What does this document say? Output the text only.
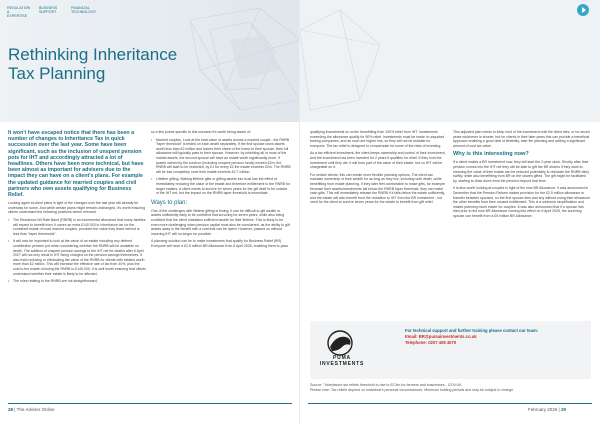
REGULATION & EXPERTISE
BUSINESS SUPPORT
FINANCIAL TECHNOLOGY
Rethinking Inheritance
Tax Planning

It won't have escaped notice that there has been a number of changes to Inheritance Tax in quick succession over the last year. Some have been significant, such as the inclusion of unspent pension pots for IHT and accordingly attracted a lot of headlines. Others have been more technical, but have been almost as important for advisers due to the impact they can have on a client's plans. For example the updated guidance for married couples and civil partners who own assets qualifying for Business Relief.

Looking again at client plans in light of the changes over the last year will already be underway for some. And while certain plans might remain unchanged, it's worth ensuring clients understand the following positions where relevant:

• The Residence Nil Rate Band (RNRB) is an incremental allowance that many families will expect to benefit from. It saves an extra £140,000 in Inheritance tax for the combined estate of most married couples, provided the value they leave behind is less than "taper thresholds".
• It will now be important to look at the value of an estate including any defined contribution pension pot when considering whether the RNRB will be available on death. The addition of unspent pension savings to the IHT net for deaths after 6 April 2027 will not only result in IHT being charged on the pension savings themselves. It also risks reducing or eliminating the value of the RNRB for clients with estates worth more than £2 million. This will increase the effective rate of tax from 40%, plus the cost to the estate of losing the RNRB to £140,000. It is well worth ensuring that clients understand whether their estate is likely to be affected.
• The rules relating to the RNRB are not straightforward,

so a few points specific to this scenario it's worth being aware of:

• Married couples. Look at the total value of assets across a married couple - the RNRB "taper threshold" is tested on each death separately. If the first spouse owns assets worth less than £2 million and leaves their share of the home to their spouse, their full allowance will typically pass to their spouse. However, by inheriting all or most of the marital assets, the second spouse will have an estate worth significantly more. If assets owned by the survivor (including unspent pension funds) exceed £2m, the RNRB will start to be restricted, by £1 for every £2 the estate exceeds £2m. The RNRB will be lost completely once their estate exceeds £2.7 million.
• Lifetime gifting. Making lifetime gifts or gifting assets into trust has the effect of immediately reducing the value of the estate and therefore entitlement to the RNRB for larger estates. A client needs to survive for seven years for the gift itself to be outside of the IHT net, but the impact on the RNRB taper threshold is immediate.
Ways to plan:

One of the challenges with lifetime gifting is timing. It can be difficult to gift wealth or assets sufficiently early to be confident that surviving for seven years, while also being confident that the client maintains sufficient wealth for their lifetime. This is likely to be even more challenging when pension capital must also be considered, as the ability to gift assets away is the benefit with a cost that can be spent. However, passed on without incurring IHT will no longer be possible.

A planning solution can be to make investments that qualify for Business Relief (BR). Everyone will have a £2.5 million BR Allowance from 6 April 2026, enabling them to pass

28 | The Adviser Online

qualifying investments on under benefitting from 100% relief from IHT. Investments exceeding the allowance qualify for 50% relief. Investments must be made in unquoted trading companies, and as such are higher risk, so they will not be suitable for everyone. The tax relief is designed to compensate for some of the risks of investing.

As a tax efficient investment, the client keeps ownership and control of their investment, and the investment has been invested for 2 years it qualifies for relief. If they hold the investment until they die, it will form part of the value of their estate, but no IHT will be chargeable on it.

For certain clients, this can create more flexible planning options. The client can maintain ownership of their wealth for as long as they live, including until death, while benefitting from estate planning. If they later feel comfortable to make gifts, for example because their assets/investments fall below the RNRB taper threshold, they can make cash gifts. This will immediately release the RNRB if it falls below the estate sufficiently, and the estate will also benefit from the reduction to IHT from the BR investment - not need for the client to survive seven years for the estate to benefit from gift relief.

This adjusted plan needs to keep hold of the investment until the client dies, or for seven years whichever is shorter, but for clients in their later years this can provide a beneficial approach enabling a good deal of flexibility, later life planning and adding a significant amount of cost tax value.

Why is this interesting now?

If a client makes a BR investment now, they will start the 2-year clock. Shortly after their pension comes into the IHT net they will be able to gift the BR shares if they want to, meaning the value of their estate can be reduced potentially to reinstate the RNRB fairly swiftly, while also benefitting from BR on the shares gifted. The gift might be facilitated by, starting to draw down from the pension beyond that time.

It is also worth looking at couples in light of the new BR Allowance. It was announced in December that the Pension Reform makes provision for the £2.5 million allowance to transfer between spouses, so the first spouse dies and any without using their allowance the other benefits from their unused entitlement. This is a welcome simplification and makes planning much easier for couples. It was also announced that if a spouse has died prior to the new BR Allowance coming into effect on 6 April 2026, the surviving spouse can benefit from a £5 million BR Allowance.

PUMA
INVESTMENTS
For technical support and further training please contact our team:
Email: BR@pumainvestments.co.uk
Telephone: 0207 408 4070
Source: "Inheritance tax reliefs threshold to rise to £2.5m for farmers and businesses - GOV.UK.
Please note: Tax reliefs depend on individual's personal circumstances. Minimum holding periods and may be subject to change.
February 2026 | 29
